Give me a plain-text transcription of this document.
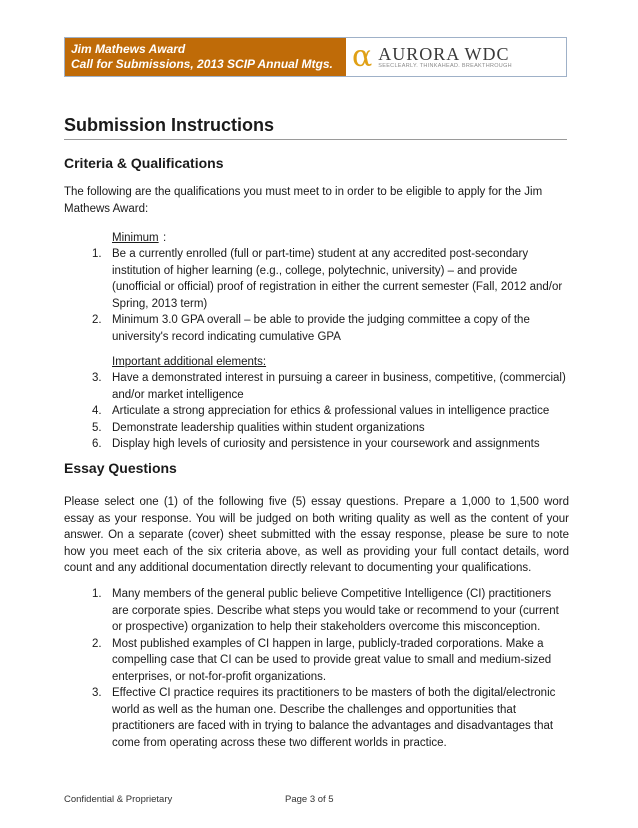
Jim Mathews Award
Call for Submissions, 2013 SCIP Annual Mtgs. α AURORA WDC
SEECLEARLY. THINKAHEAD. BREAKTHROUGH
Submission Instructions
Criteria & Qualifications

The following are the qualifications you must meet to in order to be eligible to apply for the Jim Mathews Award:

Minimum :
1. Be a currently enrolled (full or part-time) student at any accredited post-secondary institution of higher learning (e.g., college, polytechnic, university) – and provide (unofficial or official) proof of registration in either the current semester (Fall, 2012 and/or Spring, 2013 term)
2. Minimum 3.0 GPA overall – be able to provide the judging committee a copy of the university's record indicating cumulative GPA
Important additional elements:
3. Have a demonstrated interest in pursuing a career in business, competitive, (commercial) and/or market intelligence
4. Articulate a strong appreciation for ethics & professional values in intelligence practice
5. Demonstrate leadership qualities within student organizations
6. Display high levels of curiosity and persistence in your coursework and assignments
Essay Questions

Please select one (1) of the following five (5) essay questions. Prepare a 1,000 to 1,500 word essay as your response. You will be judged on both writing quality as well as the content of your answer. On a separate (cover) sheet submitted with the essay response, please be sure to note how you meet each of the six criteria above, as well as providing your full contact details, word count and any additional documentation directly relevant to documenting your qualifications.

1. Many members of the general public believe Competitive Intelligence (CI) practitioners are corporate spies. Describe what steps you would take or recommend to your (current or prospective) organization to help their stakeholders overcome this misconception.
2. Most published examples of CI happen in large, publicly-traded corporations. Make a compelling case that CI can be used to provide great value to small and medium-sized enterprises, or not-for-profit organizations.
3. Effective CI practice requires its practitioners to be masters of both the digital/electronic world as well as the human one. Describe the challenges and opportunities that practitioners are faced with in trying to balance the advantages and disadvantages that come from operating across these two different worlds in practice.
Confidential & Proprietary	Page 3 of 5
